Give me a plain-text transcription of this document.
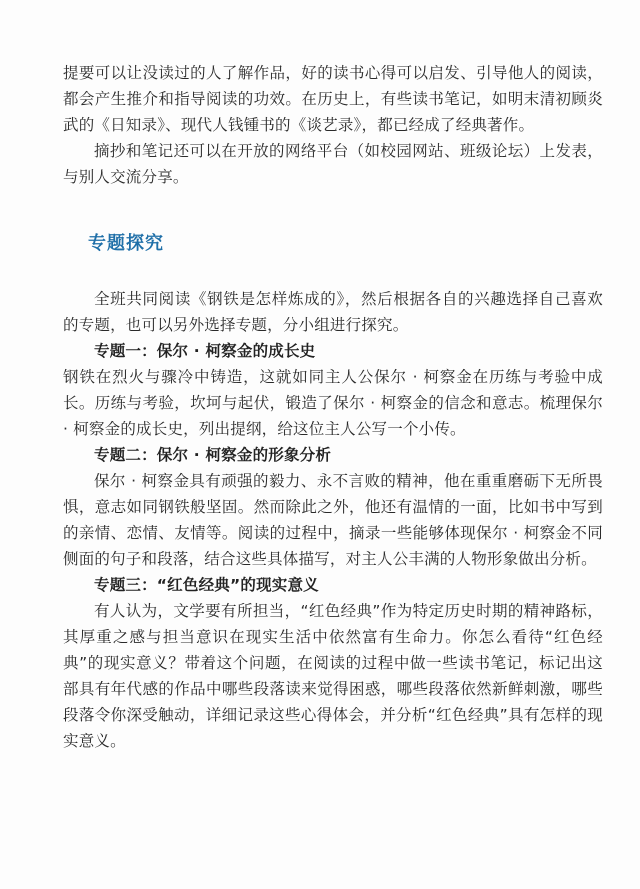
提要可以让没读过的人了解作品，好的读书心得可以启发、引导他人的阅读，都会产生推介和指导阅读的功效。在历史上，有些读书笔记，如明末清初顾炎武的《日知录》、现代人钱锺书的《谈艺录》，都已经成了经典著作。

摘抄和笔记还可以在开放的网络平台（如校园网站、班级论坛）上发表，与别人交流分享。

专题探究

全班共同阅读《钢铁是怎样炼成的》，然后根据各自的兴趣选择自己喜欢的专题，也可以另外选择专题，分小组进行探究。

专题一：保尔 · 柯察金的成长史

钢铁在烈火与骤冷中铸造，这就如同主人公保尔 · 柯察金在历练与考验中成长。历练与考验，坎坷与起伏，锻造了保尔 · 柯察金的信念和意志。梳理保尔 · 柯察金的成长史，列出提纲，给这位主人公写一个小传。

专题二：保尔 · 柯察金的形象分析

保尔 · 柯察金具有顽强的毅力、永不言败的精神，他在重重磨砺下无所畏惧，意志如同钢铁般坚固。然而除此之外，他还有温情的一面，比如书中写到的亲情、恋情、友情等。阅读的过程中，摘录一些能够体现保尔 · 柯察金不同侧面的句子和段落，结合这些具体描写，对主人公丰满的人物形象做出分析。

专题三：“红色经典”的现实意义

有人认为，文学要有所担当，“红色经典”作为特定历史时期的精神路标，其厚重之感与担当意识在现实生活中依然富有生命力。你怎么看待“红色经典”的现实意义？带着这个问题，在阅读的过程中做一些读书笔记，标记出这部具有年代感的作品中哪些段落读来觉得困惑，哪些段落依然新鲜刺激，哪些段落令你深受触动，详细记录这些心得体会，并分析“红色经典”具有怎样的现实意义。
